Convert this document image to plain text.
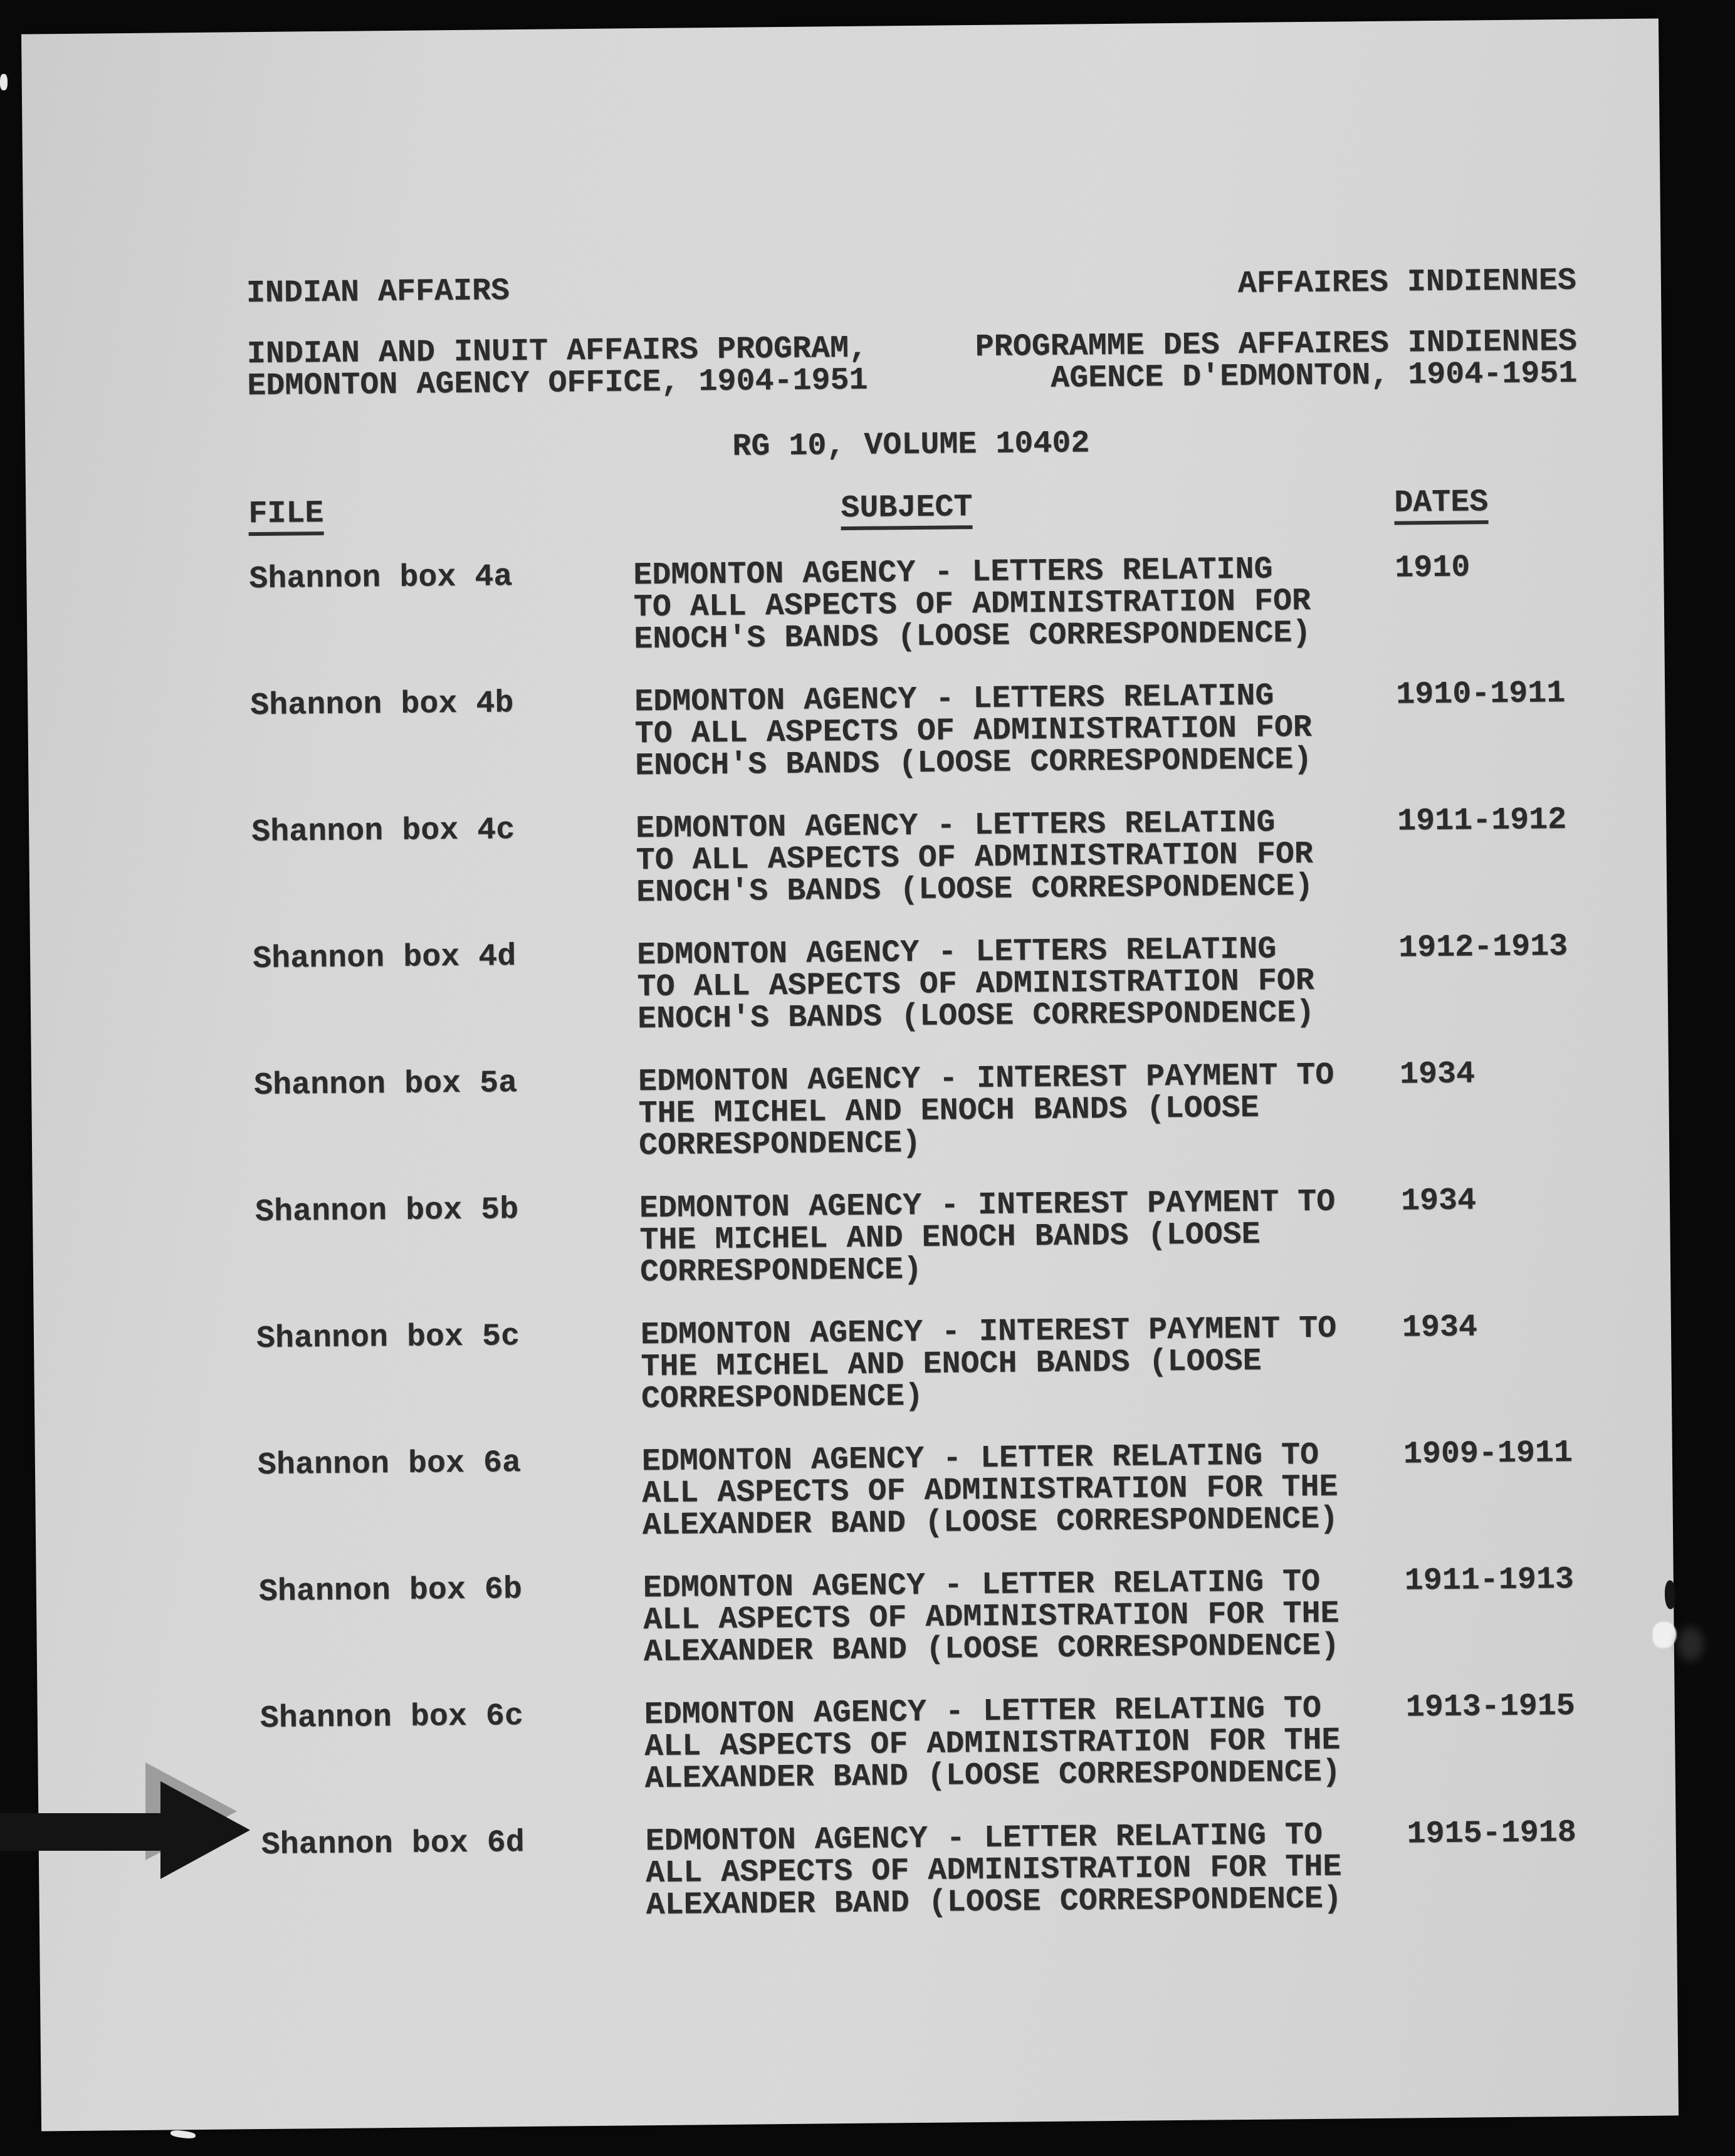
INDIAN AFFAIRS	AFFAIRES INDIENNES
INDIAN AND INUIT AFFAIRS PROGRAM,
EDMONTON AGENCY OFFICE, 1904-1951
PROGRAMME DES AFFAIRES INDIENNES
AGENCE D'EDMONTON, 1904-1951
RG 10, VOLUME 10402
FILE	SUBJECT	DATES
Shannon box 4a	EDMONTON AGENCY - LETTERS RELATING
TO ALL ASPECTS OF ADMINISTRATION FOR
ENOCH'S BANDS (LOOSE CORRESPONDENCE)
1910
Shannon box 4b	EDMONTON AGENCY - LETTERS RELATING
TO ALL ASPECTS OF ADMINISTRATION FOR
ENOCH'S BANDS (LOOSE CORRESPONDENCE)
1910-1911
Shannon box 4c	EDMONTON AGENCY - LETTERS RELATING
TO ALL ASPECTS OF ADMINISTRATION FOR
ENOCH'S BANDS (LOOSE CORRESPONDENCE)
1911-1912
Shannon box 4d	EDMONTON AGENCY - LETTERS RELATING
TO ALL ASPECTS OF ADMINISTRATION FOR
ENOCH'S BANDS (LOOSE CORRESPONDENCE)
1912-1913
Shannon box 5a	EDMONTON AGENCY - INTEREST PAYMENT TO
THE MICHEL AND ENOCH BANDS (LOOSE
CORRESPONDENCE)
1934
Shannon box 5b	EDMONTON AGENCY - INTEREST PAYMENT TO
THE MICHEL AND ENOCH BANDS (LOOSE
CORRESPONDENCE)
1934
Shannon box 5c	EDMONTON AGENCY - INTEREST PAYMENT TO
THE MICHEL AND ENOCH BANDS (LOOSE
CORRESPONDENCE)
1934
Shannon box 6a	EDMONTON AGENCY - LETTER RELATING TO
ALL ASPECTS OF ADMINISTRATION FOR THE
ALEXANDER BAND (LOOSE CORRESPONDENCE)
1909-1911
Shannon box 6b	EDMONTON AGENCY - LETTER RELATING TO
ALL ASPECTS OF ADMINISTRATION FOR THE
ALEXANDER BAND (LOOSE CORRESPONDENCE)
1911-1913
Shannon box 6c	EDMONTON AGENCY - LETTER RELATING TO
ALL ASPECTS OF ADMINISTRATION FOR THE
ALEXANDER BAND (LOOSE CORRESPONDENCE)
1913-1915
Shannon box 6d	EDMONTON AGENCY - LETTER RELATING TO
ALL ASPECTS OF ADMINISTRATION FOR THE
ALEXANDER BAND (LOOSE CORRESPONDENCE)
1915-1918
